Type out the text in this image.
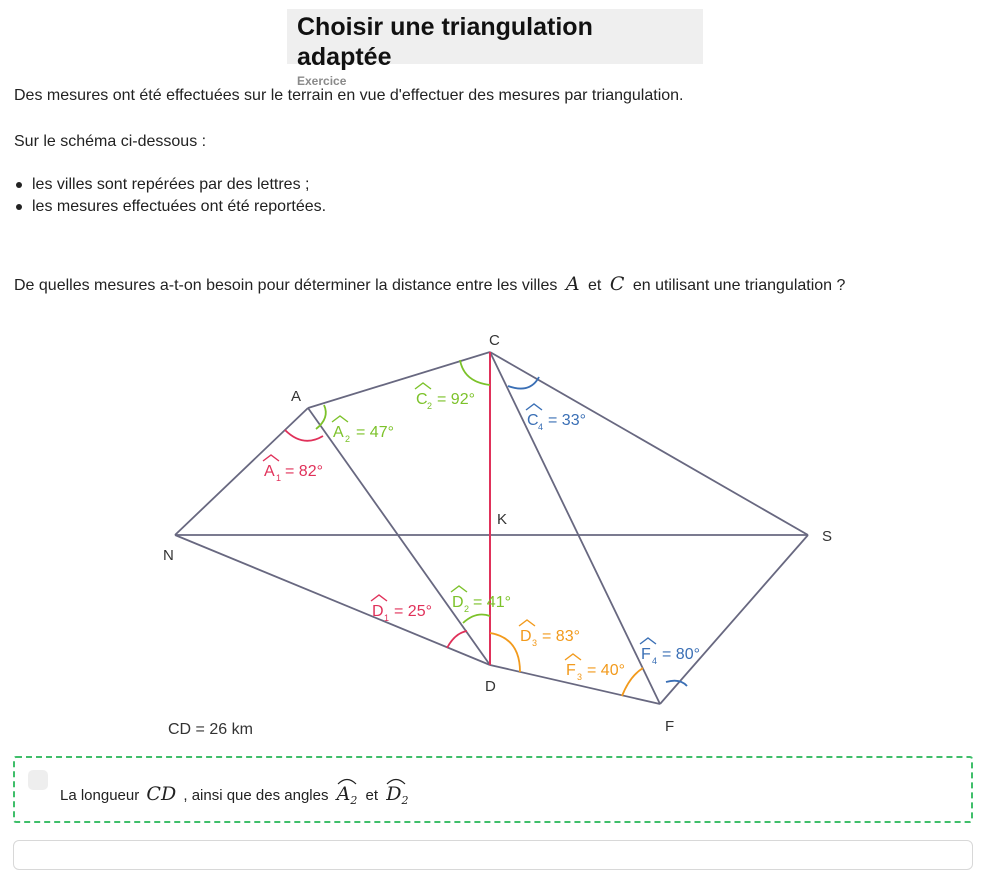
Choisir une triangulation adaptée
Exercice
Des mesures ont été effectuées sur le terrain en vue d'effectuer des mesures par triangulation.
Sur le schéma ci-dessous :
les villes sont repérées par des lettres ;
les mesures effectuées ont été reportées.
De quelles mesures a-t-on besoin pour déterminer la distance entre les villes A et C en utilisant une triangulation ?
C
A
K
N
S
D
F
C 2 = 92°
C 4 = 33°
A 2 = 47°
A 1 = 82°
D 1 = 25°
D 2 = 41°
D 3 = 83°
F 3 = 40°
F 4 = 80°
CD = 26 km
La longueur CD , ainsi que des angles $A_2$ et $D_2$
